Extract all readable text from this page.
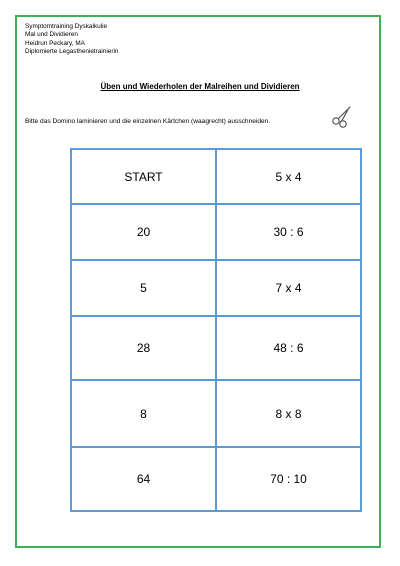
Symptomtraining Dyskalkulie
Mal und Dividieren
Heidrun Peckary, MA
Diplomierte Legasthenietrainierin
Üben und Wiederholen der Malreihen und Dividieren
Bitte das Domino laminieren und die einzelnen Kärtchen (waagrecht) ausschneiden.
START	5 x 4
20	30 : 6
5	7 x 4
28	48 : 6
8	8 x 8
64	70 : 10
